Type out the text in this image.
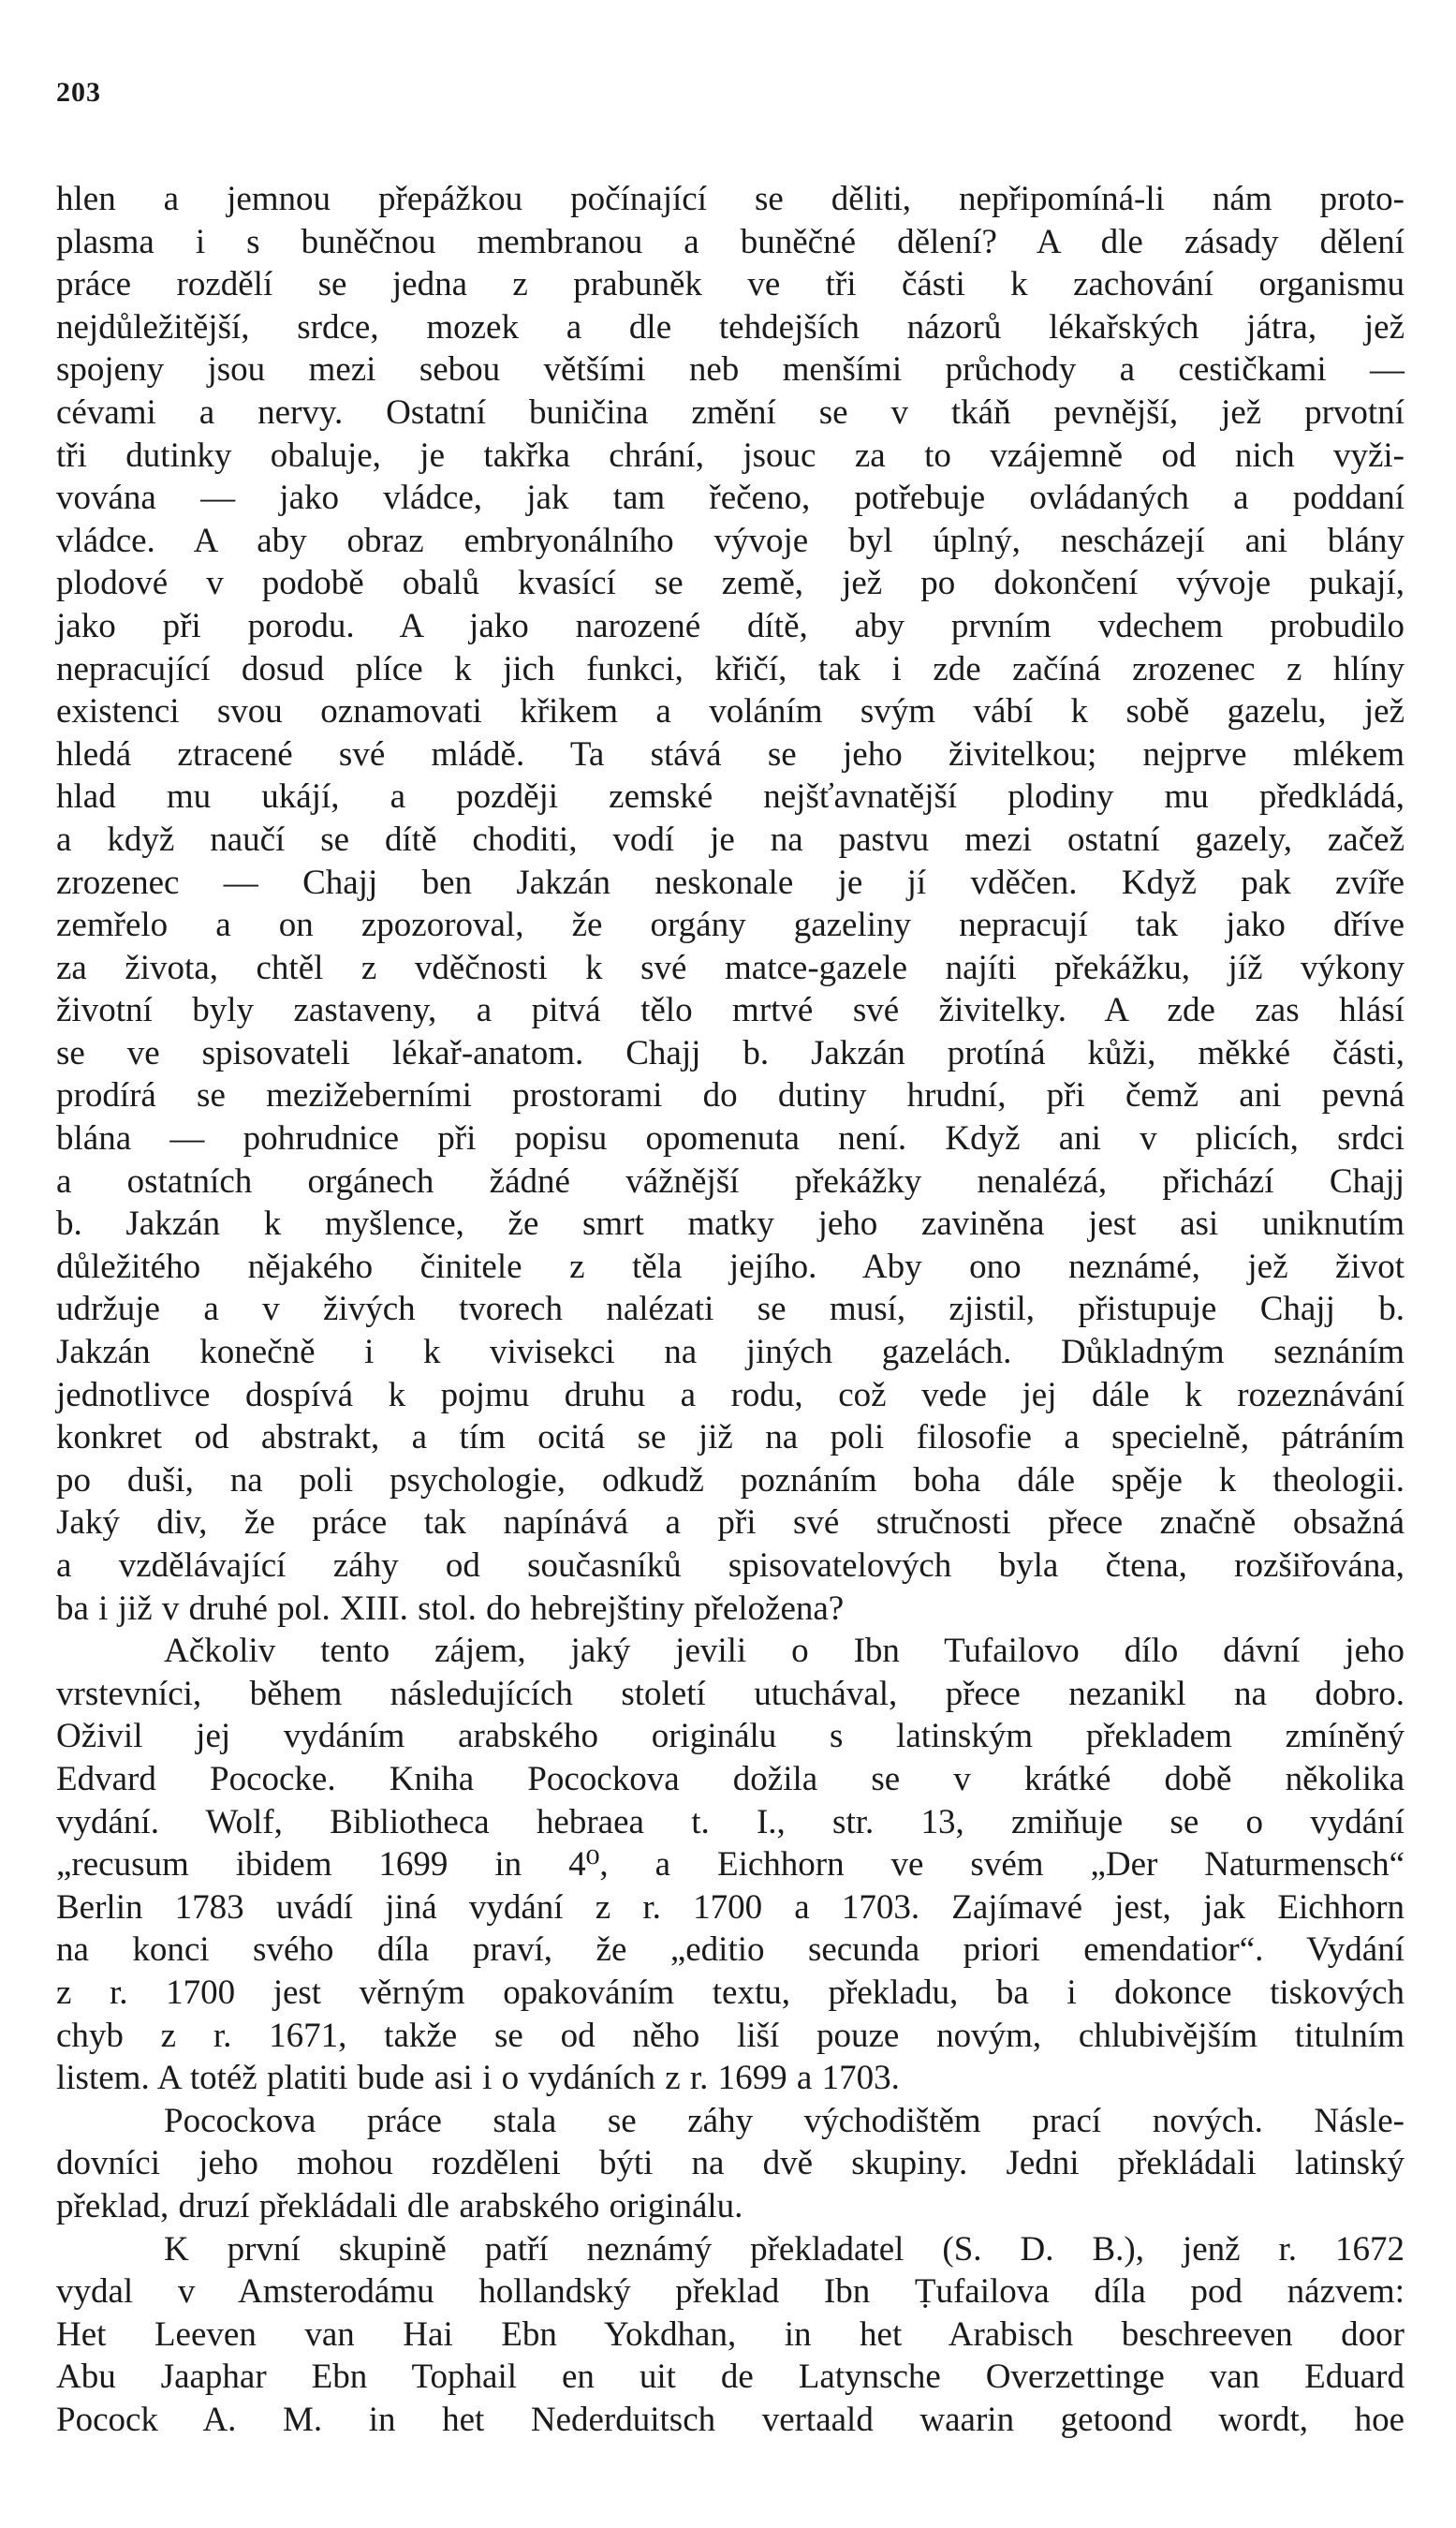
203

hlen a jemnou přepážkou počínající se děliti, nepřipomíná-li nám proto-
plasma i s buněčnou membranou a buněčné dělení? A dle zásady dělení
práce rozdělí se jedna z prabuněk ve tři části k zachování organismu
nejdůležitější, srdce, mozek a dle tehdejších názorů lékařských játra, jež
spojeny jsou mezi sebou většími neb menšími průchody a cestičkami —
cévami a nervy. Ostatní buničina změní se v tkáň pevnější, jež prvotní
tři dutinky obaluje, je takřka chrání, jsouc za to vzájemně od nich vyži-
vována — jako vládce, jak tam řečeno, potřebuje ovládaných a poddaní
vládce. A aby obraz embryonálního vývoje byl úplný, nescházejí ani blány
plodové v podobě obalů kvasící se země, jež po dokončení vývoje pukají,
jako při porodu. A jako narozené dítě, aby prvním vdechem probudilo
nepracující dosud plíce k jich funkci, křičí, tak i zde začíná zrozenec z hlíny
existenci svou oznamovati křikem a voláním svým vábí k sobě gazelu, jež
hledá ztracené své mládě. Ta stává se jeho živitelkou; nejprve mlékem
hlad mu ukájí, a později zemské nejšťavnatější plodiny mu předkládá,
a když naučí se dítě choditi, vodí je na pastvu mezi ostatní gazely, začež
zrozenec — Chajj ben Jakzán neskonale je jí vděčen. Když pak zvíře
zemřelo a on zpozoroval, že orgány gazeliny nepracují tak jako dříve
za života, chtěl z vděčnosti k své matce-gazele najíti překážku, jíž výkony
životní byly zastaveny, a pitvá tělo mrtvé své živitelky. A zde zas hlásí
se ve spisovateli lékař-anatom. Chajj b. Jakzán protíná kůži, měkké části,
prodírá se mezižeberními prostorami do dutiny hrudní, při čemž ani pevná
blána — pohrudnice při popisu opomenuta není. Když ani v plicích, srdci
a ostatních orgánech žádné vážnější překážky nenalézá, přichází Chajj
b. Jakzán k myšlence, že smrt matky jeho zaviněna jest asi uniknutím
důležitého nějakého činitele z těla jejího. Aby ono neznámé, jež život
udržuje a v živých tvorech nalézati se musí, zjistil, přistupuje Chajj b.
Jakzán konečně i k vivisekci na jiných gazelách. Důkladným seznáním
jednotlivce dospívá k pojmu druhu a rodu, což vede jej dále k rozeznávání
konkret od abstrakt, a tím ocitá se již na poli filosofie a specielně, pátráním
po duši, na poli psychologie, odkudž poznáním boha dále spěje k theologii.
Jaký div, že práce tak napínává a při své stručnosti přece značně obsažná
a vzdělávající záhy od současníků spisovatelových byla čtena, rozšiřována,
ba i již v druhé pol. XIII. stol. do hebrejštiny přeložena?

Ačkoliv tento zájem, jaký jevili o Ibn Tufailovo dílo dávní jeho
vrstevníci, během následujících století utuchával, přece nezanikl na dobro.
Oživil jej vydáním arabského originálu s latinským překladem zmíněný
Edvard Pococke. Kniha Pocockova dožila se v krátké době několika
vydání. Wolf, Bibliotheca hebraea t. I., str. 13, zmiňuje se o vydání
„recusum ibidem 1699 in 4⁰, a Eichhorn ve svém „Der Naturmensch“
Berlin 1783 uvádí jiná vydání z r. 1700 a 1703. Zajímavé jest, jak Eichhorn
na konci svého díla praví, že „editio secunda priori emendatior“. Vydání
z r. 1700 jest věrným opakováním textu, překladu, ba i dokonce tiskových
chyb z r. 1671, takže se od něho liší pouze novým, chlubivějším titulním
listem. A totéž platiti bude asi i o vydáních z r. 1699 a 1703.

Pocockova práce stala se záhy východištěm prací nových. Násle-
dovníci jeho mohou rozděleni býti na dvě skupiny. Jedni překládali latinský
překlad, druzí překládali dle arabského originálu.

K první skupině patří neznámý překladatel (S. D. B.), jenž r. 1672
vydal v Amsterodámu hollandský překlad Ibn Ṭufailova díla pod názvem:
Het Leeven van Hai Ebn Yokdhan, in het Arabisch beschreeven door
Abu Jaaphar Ebn Tophail en uit de Latynsche Overzettinge van Eduard
Pocock A. M. in het Nederduitsch vertaald waarin getoond wordt, hoe
